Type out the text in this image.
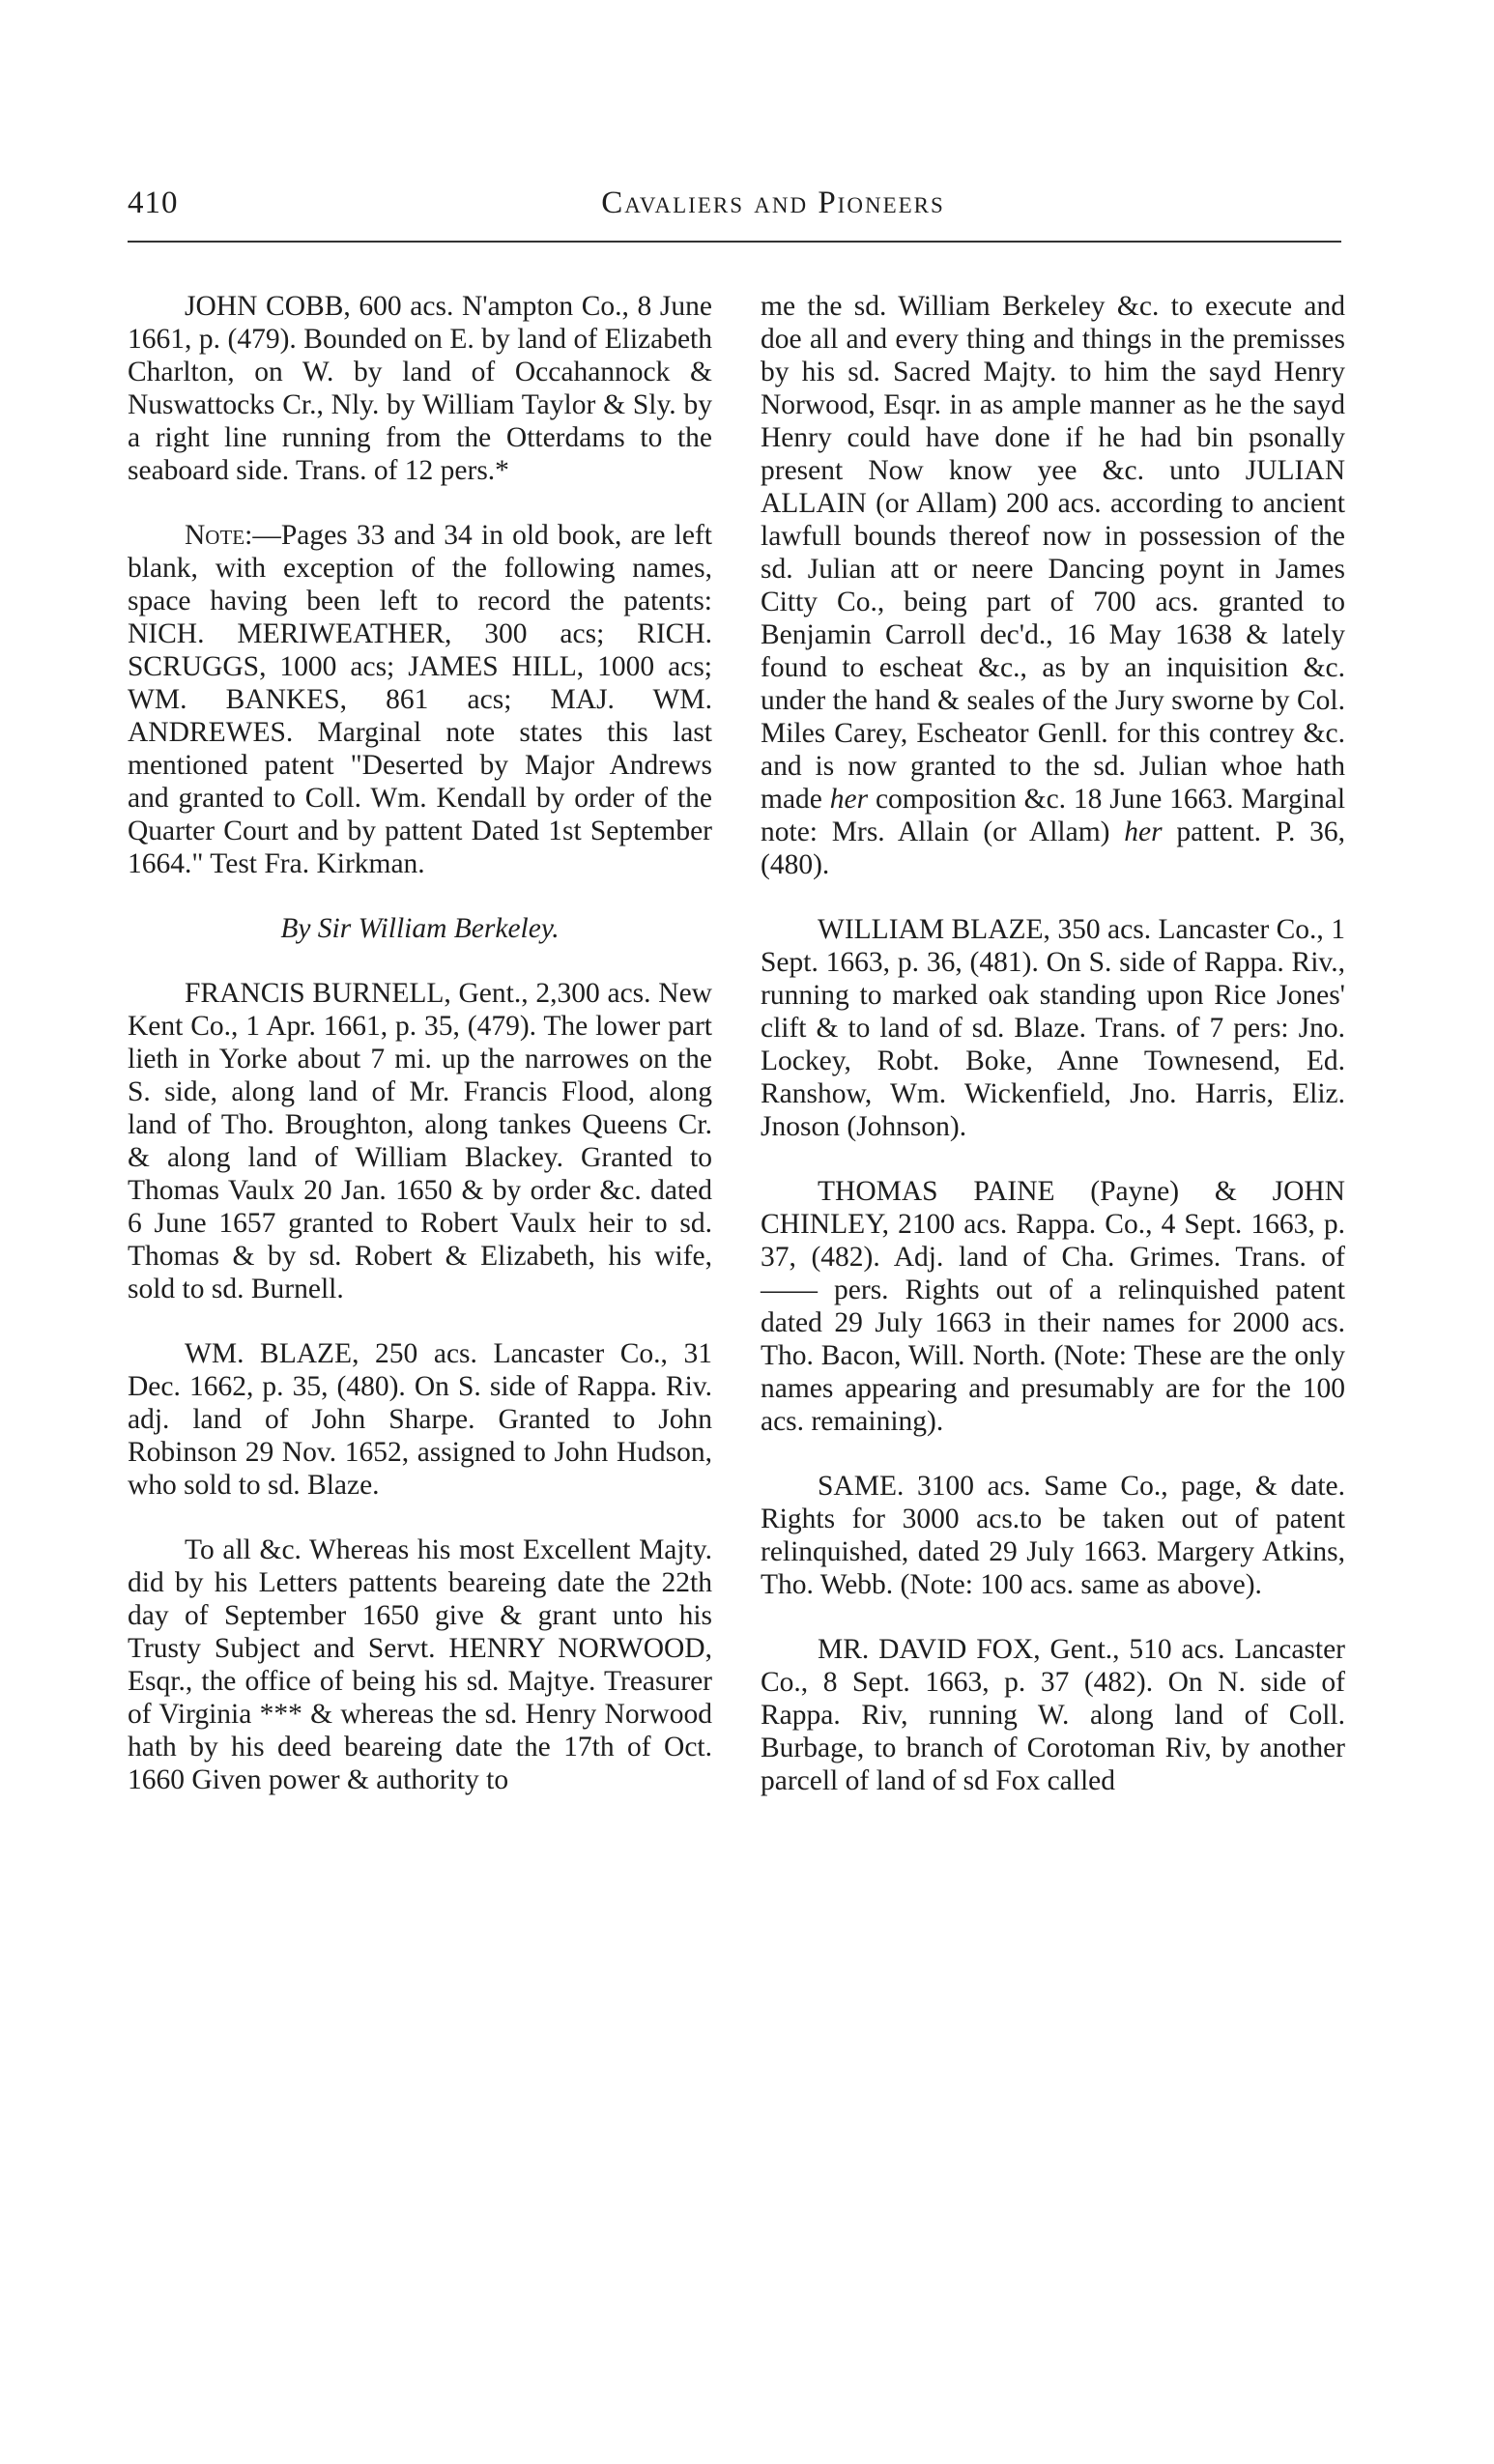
410	Cavaliers and Pioneers

JOHN COBB, 600 acs. N'ampton Co., 8 June 1661, p. (479). Bounded on E. by land of Elizabeth Charlton, on W. by land of Occahannock & Nuswattocks Cr., Nly. by William Taylor & Sly. by a right line running from the Otterdams to the seaboard side. Trans. of 12 pers.*

Note:—Pages 33 and 34 in old book, are left blank, with exception of the following names, space having been left to record the patents: NICH. MERIWEATHER, 300 acs; RICH. SCRUGGS, 1000 acs; JAMES HILL, 1000 acs; WM. BANKES, 861 acs; MAJ. WM. ANDREWES. Marginal note states this last mentioned patent "Deserted by Major Andrews and granted to Coll. Wm. Kendall by order of the Quarter Court and by pattent Dated 1st September 1664." Test Fra. Kirkman.

By Sir William Berkeley.

FRANCIS BURNELL, Gent., 2,300 acs. New Kent Co., 1 Apr. 1661, p. 35, (479). The lower part lieth in Yorke about 7 mi. up the narrowes on the S. side, along land of Mr. Francis Flood, along land of Tho. Broughton, along tankes Queens Cr. & along land of William Blackey. Granted to Thomas Vaulx 20 Jan. 1650 & by order &c. dated 6 June 1657 granted to Robert Vaulx heir to sd. Thomas & by sd. Robert & Elizabeth, his wife, sold to sd. Burnell.

WM. BLAZE, 250 acs. Lancaster Co., 31 Dec. 1662, p. 35, (480). On S. side of Rappa. Riv. adj. land of John Sharpe. Granted to John Robinson 29 Nov. 1652, assigned to John Hudson, who sold to sd. Blaze.

To all &c. Whereas his most Excellent Majty. did by his Letters pattents beareing date the 22th day of September 1650 give & grant unto his Trusty Subject and Servt. HENRY NORWOOD, Esqr., the office of being his sd. Majtye. Treasurer of Virginia *** & whereas the sd. Henry Norwood hath by his deed beareing date the 17th of Oct. 1660 Given power & authority to

me the sd. William Berkeley &c. to execute and doe all and every thing and things in the premisses by his sd. Sacred Majty. to him the sayd Henry Norwood, Esqr. in as ample manner as he the sayd Henry could have done if he had bin psonally present Now know yee &c. unto JULIAN ALLAIN (or Allam) 200 acs. according to ancient lawfull bounds thereof now in possession of the sd. Julian att or neere Dancing poynt in James Citty Co., being part of 700 acs. granted to Benjamin Carroll dec'd., 16 May 1638 & lately found to escheat &c., as by an inquisition &c. under the hand & seales of the Jury sworne by Col. Miles Carey, Escheator Genll. for this contrey &c. and is now granted to the sd. Julian whoe hath made her composition &c. 18 June 1663. Marginal note: Mrs. Allain (or Allam) her pattent. P. 36, (480).

WILLIAM BLAZE, 350 acs. Lancaster Co., 1 Sept. 1663, p. 36, (481). On S. side of Rappa. Riv., running to marked oak standing upon Rice Jones' clift & to land of sd. Blaze. Trans. of 7 pers: Jno. Lockey, Robt. Boke, Anne Townesend, Ed. Ranshow, Wm. Wickenfield, Jno. Harris, Eliz. Jnoson (Johnson).

THOMAS PAINE (Payne) & JOHN CHINLEY, 2100 acs. Rappa. Co., 4 Sept. 1663, p. 37, (482). Adj. land of Cha. Grimes. Trans. of —— pers. Rights out of a relinquished patent dated 29 July 1663 in their names for 2000 acs. Tho. Bacon, Will. North. (Note: These are the only names appearing and presumably are for the 100 acs. remaining).

SAME. 3100 acs. Same Co., page, & date. Rights for 3000 acs.to be taken out of patent relinquished, dated 29 July 1663. Margery Atkins, Tho. Webb. (Note: 100 acs. same as above).

MR. DAVID FOX, Gent., 510 acs. Lancaster Co., 8 Sept. 1663, p. 37 (482). On N. side of Rappa. Riv, running W. along land of Coll. Burbage, to branch of Corotoman Riv, by another parcell of land of sd Fox called
